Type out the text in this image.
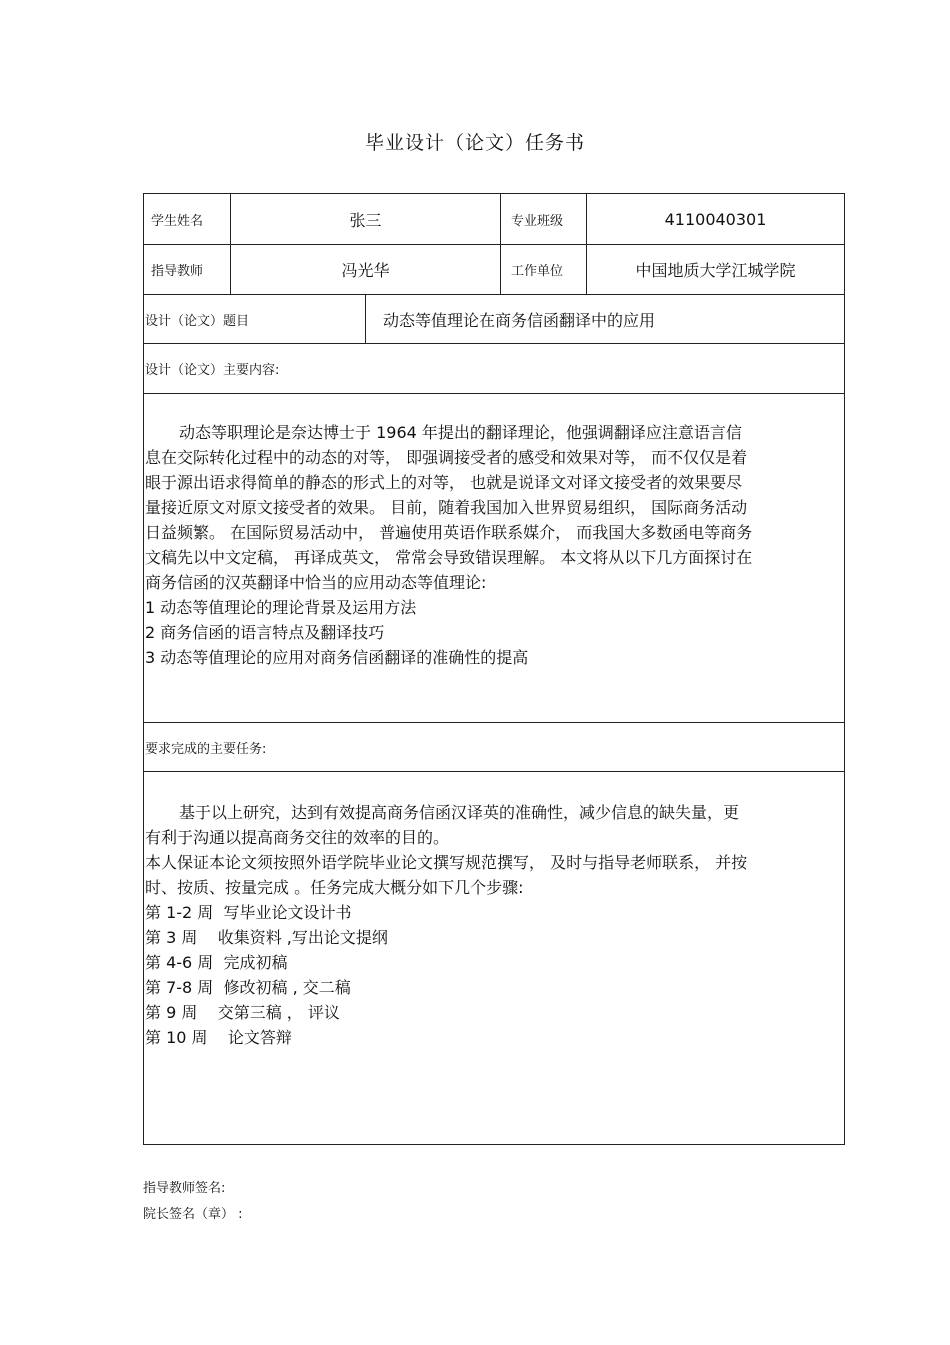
毕业设计（论文）任务书
学生姓名	张三	专业班级	4110040301
指导教师	冯光华	工作单位	中国地质大学江城学院
设计（论文）题目	动态等值理论在商务信函翻译中的应用
设计（论文）主要内容:

动态等职理论是奈达博士于 1964 年提出的翻译理论，他强调翻译应注意语言信

息在交际转化过程中的动态的对等， 即强调接受者的感受和效果对等， 而不仅仅是着

眼于源出语求得简单的静态的形式上的对等， 也就是说译文对译文接受者的效果要尽

量接近原文对原文接受者的效果。 目前，随着我国加入世界贸易组织， 国际商务活动

日益频繁。 在国际贸易活动中， 普遍使用英语作联系媒介， 而我国大多数函电等商务

文稿先以中文定稿， 再译成英文， 常常会导致错误理解。 本文将从以下几方面探讨在

商务信函的汉英翻译中恰当的应用动态等值理论:

1 动态等值理论的理论背景及运用方法

2 商务信函的语言特点及翻译技巧

3 动态等值理论的应用对商务信函翻译的准确性的提高

要求完成的主要任务:

基于以上研究，达到有效提高商务信函汉译英的准确性，减少信息的缺失量，更

有利于沟通以提高商务交往的效率的目的。

本人保证本论文须按照外语学院毕业论文撰写规范撰写， 及时与指导老师联系， 并按

时、按质、按量完成 。任务完成大概分如下几个步骤:

第 1-2 周  写毕业论文设计书

第 3 周    收集资料 ,写出论文提纲

第 4-6 周  完成初稿

第 7-8 周  修改初稿 , 交二稿

第 9 周    交第三稿 ， 评议

第 10 周    论文答辩

指导教师签名:
院长签名（章） :
